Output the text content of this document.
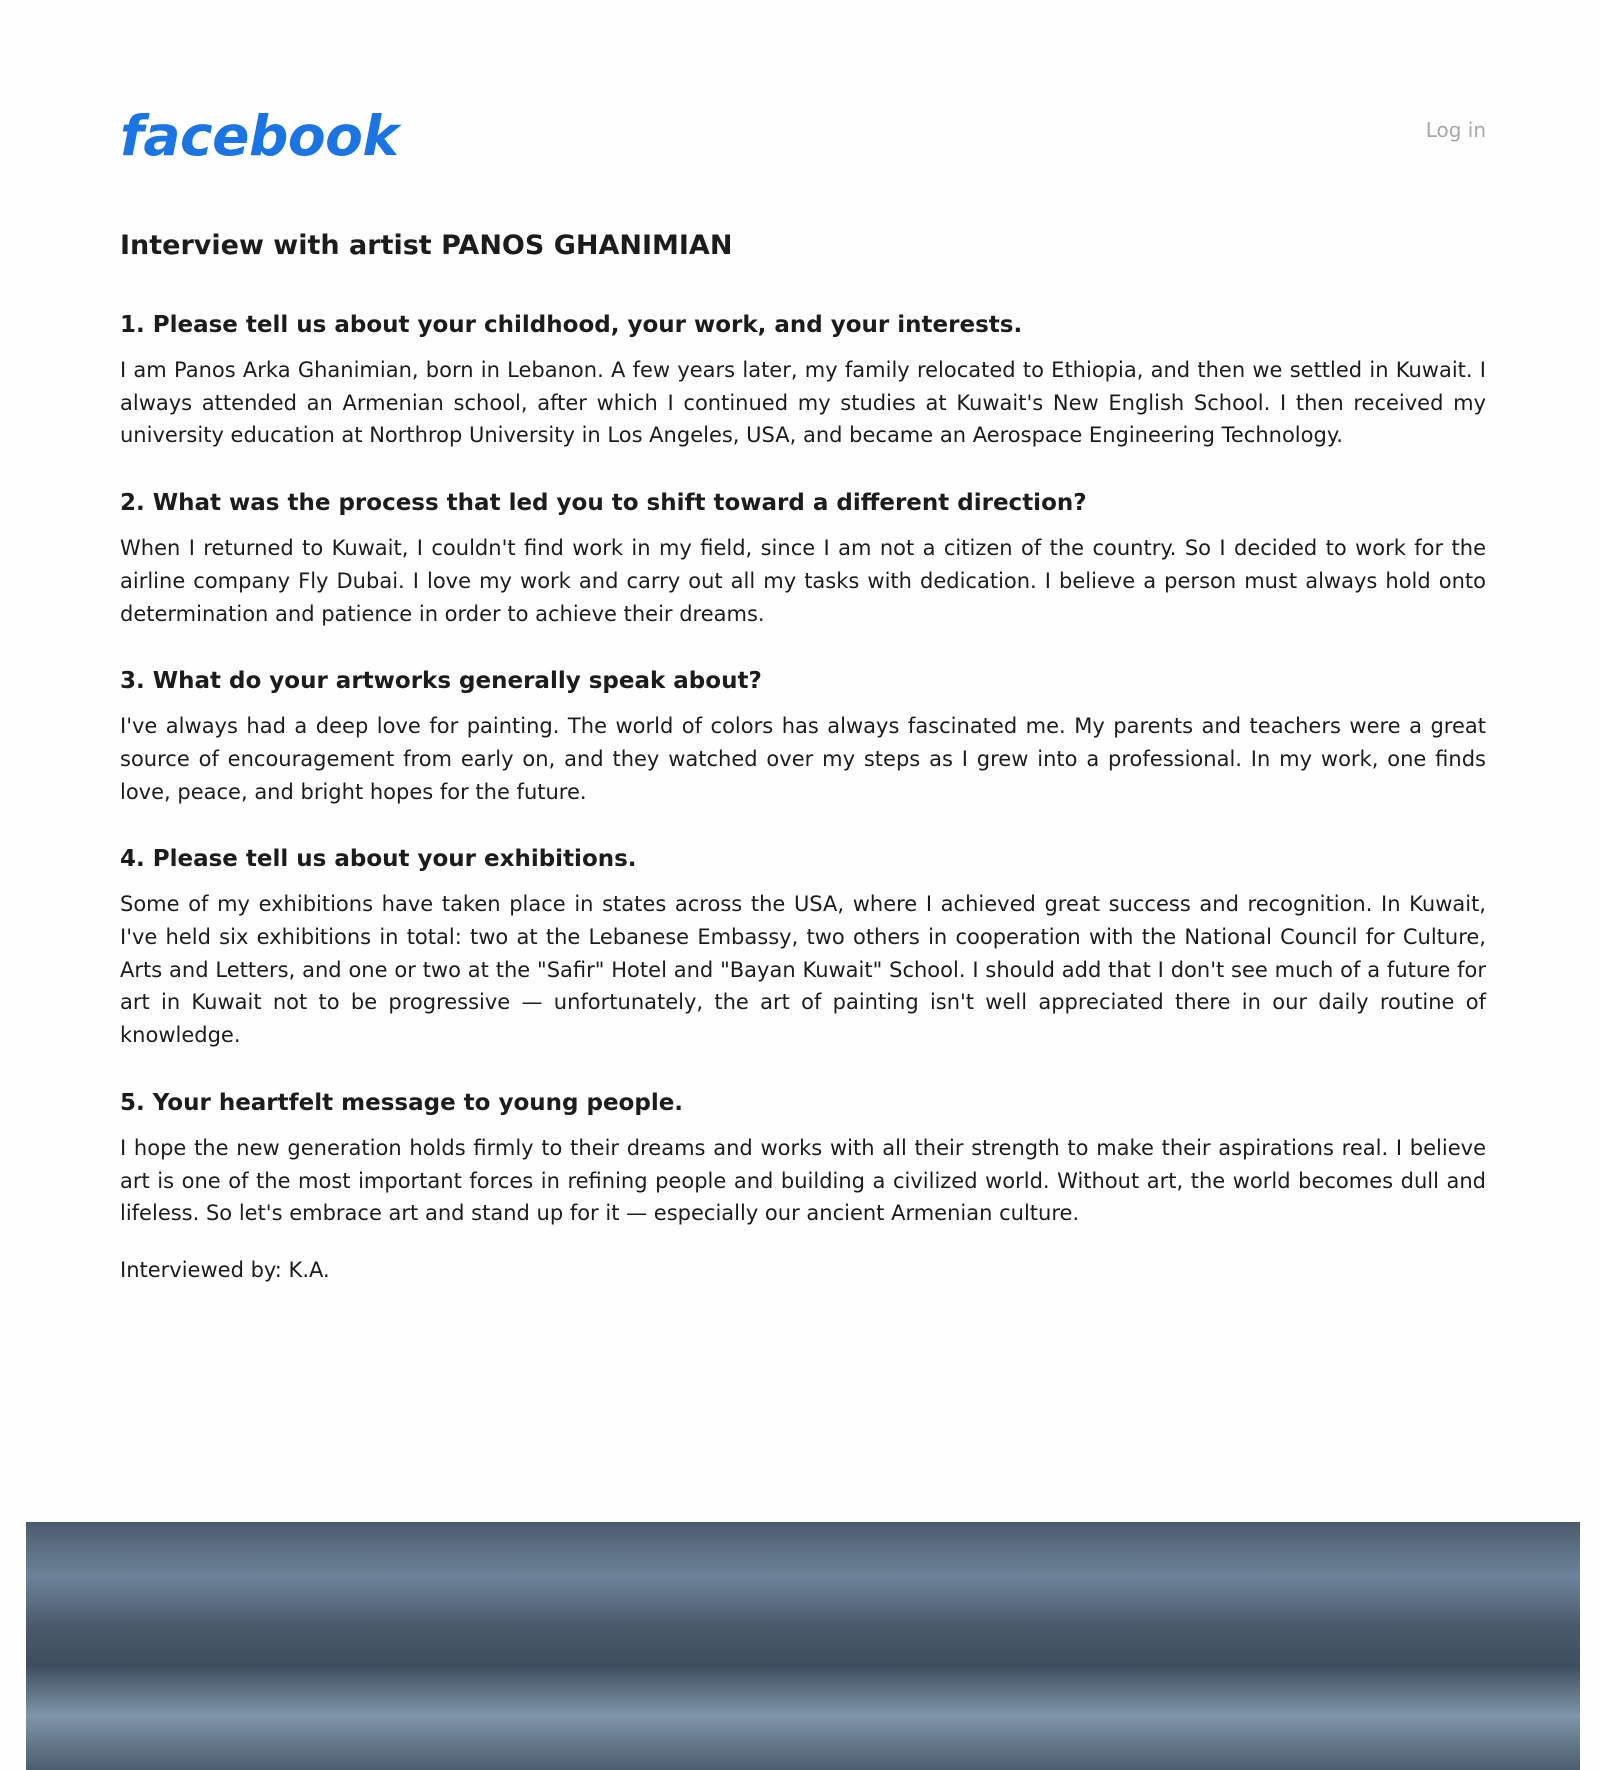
facebook	Log in
Interview with artist PANOS GHANIMIAN
1. Please tell us about your childhood, your work, and your interests.

I am Panos Arka Ghanimian, born in Lebanon. A few years later, my family relocated to Ethiopia, and then we settled in Kuwait. I always attended an Armenian school, after which I continued my studies at Kuwait's New English School. I then received my university education at Northrop University in Los Angeles, USA, and became an Aerospace Engineering Technology.

2. What was the process that led you to shift toward a different direction?

When I returned to Kuwait, I couldn't find work in my field, since I am not a citizen of the country. So I decided to work for the airline company Fly Dubai. I love my work and carry out all my tasks with dedication. I believe a person must always hold onto determination and patience in order to achieve their dreams.

3. What do your artworks generally speak about?

I've always had a deep love for painting. The world of colors has always fascinated me. My parents and teachers were a great source of encouragement from early on, and they watched over my steps as I grew into a professional. In my work, one finds love, peace, and bright hopes for the future.

4. Please tell us about your exhibitions.

Some of my exhibitions have taken place in states across the USA, where I achieved great success and recognition. In Kuwait, I've held six exhibitions in total: two at the Lebanese Embassy, two others in cooperation with the National Council for Culture, Arts and Letters, and one or two at the "Safir" Hotel and "Bayan Kuwait" School. I should add that I don't see much of a future for art in Kuwait not to be progressive — unfortunately, the art of painting isn't well appreciated there in our daily routine of knowledge.

5. Your heartfelt message to young people.

I hope the new generation holds firmly to their dreams and works with all their strength to make their aspirations real. I believe art is one of the most important forces in refining people and building a civilized world. Without art, the world becomes dull and lifeless. So let's embrace art and stand up for it — especially our ancient Armenian culture.

Interviewed by: K.A.
